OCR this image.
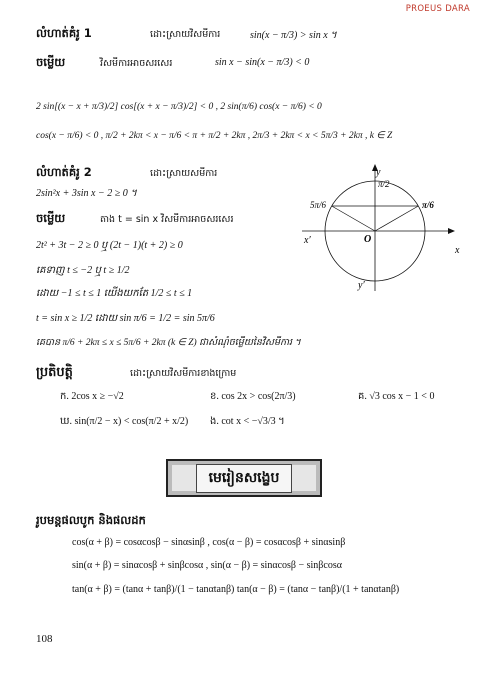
PROEUS DARA
លំហាត់គំរូ 1	ដោះស្រាយវិសមីការ	sin(x − π/3) > sin x ។
ចម្លើយ	វិសមីការអាចសរសេរ	sin x − sin(x − π/3) < 0
2 sin[(x − x + π/3)/2] cos[(x + x − π/3)/2] < 0 , 2 sin(π/6) cos(x − π/6) < 0
cos(x − π/6) < 0 , π/2 + 2kπ < x − π/6 < π + π/2 + 2kπ , 2π/3 + 2kπ < x < 5π/3 + 2kπ , k ∈ Z
លំហាត់គំរូ 2	ដោះស្រាយសមីការ
2sin²x + 3sin x − 2 ≥ 0 ។
ចម្លើយ	តាង t = sin x វិសមីការអាចសរសេរ
2t² + 3t − 2 ≥ 0 ឬ (2t − 1)(t + 2) ≥ 0
គេទាញ t ≤ −2 ឬ t ≥ 1/2
ដោយ −1 ≤ t ≤ 1 យើងយកតែ 1/2 ≤ t ≤ 1
t = sin x ≥ 1/2 ដោយ sin π/6 = 1/2 = sin 5π/6
គេបាន π/6 + 2kπ ≤ x ≤ 5π/6 + 2kπ (k ∈ Z) ជាសំណុំចម្លើយនៃវិសមីការ ។
y
x
x′
y′
O
π/2
5π/6	π/6
ប្រតិបត្តិ	ដោះស្រាយវិសមីការខាងក្រោម
ក. 2cos x ≥ −√2	ខ. cos 2x > cos(2π/3)	គ. √3 cos x − 1 < 0
ឃ. sin(π/2 − x) < cos(π/2 + x/2) ង. cot x < −√3/3 ។
មេរៀនសង្ខេប
រូបមន្តផលបូក និងផលដក
cos(α + β) = cosαcosβ − sinαsinβ , cos(α − β) = cosαcosβ + sinαsinβ
sin(α + β) = sinαcosβ + sinβcosα , sin(α − β) = sinαcosβ − sinβcosα
tan(α + β) = (tanα + tanβ)/(1 − tanαtanβ) tan(α − β) = (tanα − tanβ)/(1 + tanαtanβ)
108
